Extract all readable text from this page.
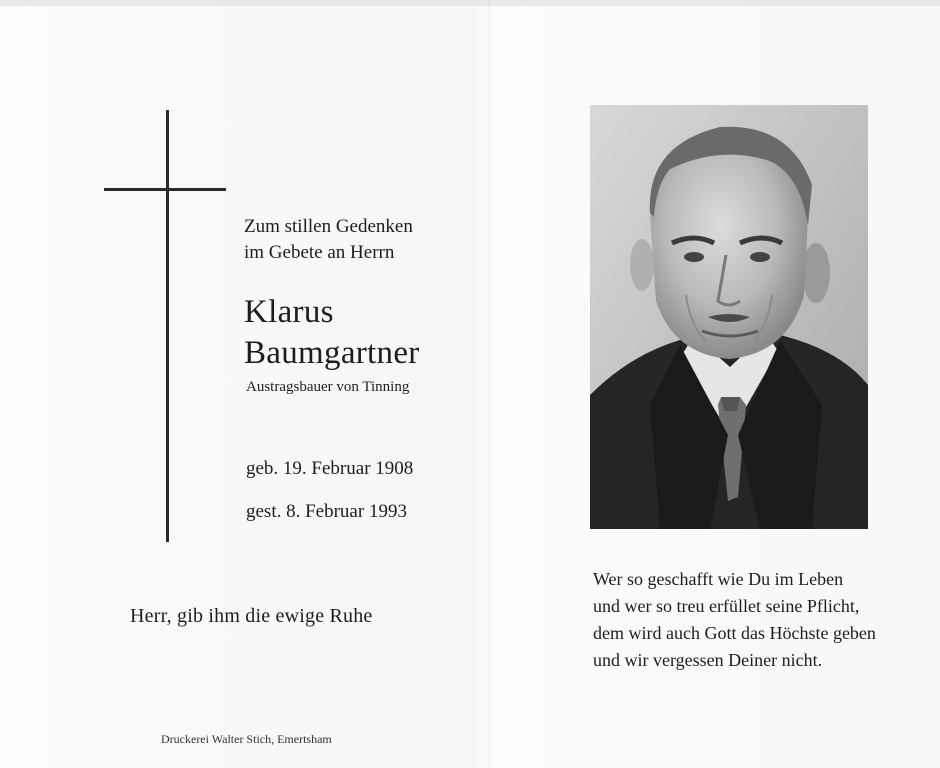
Zum stillen Gedenken
im Gebete an Herrn
Klarus
Baumgartner
Austragsbauer von Tinning
geb. 19. Februar 1908
gest. 8. Februar 1993
Herr, gib ihm die ewige Ruhe
Druckerei Walter Stich, Emertsham
Wer so geschafft wie Du im Leben
und wer so treu erfüllet seine Pflicht,
dem wird auch Gott das Höchste geben
und wir vergessen Deiner nicht.
